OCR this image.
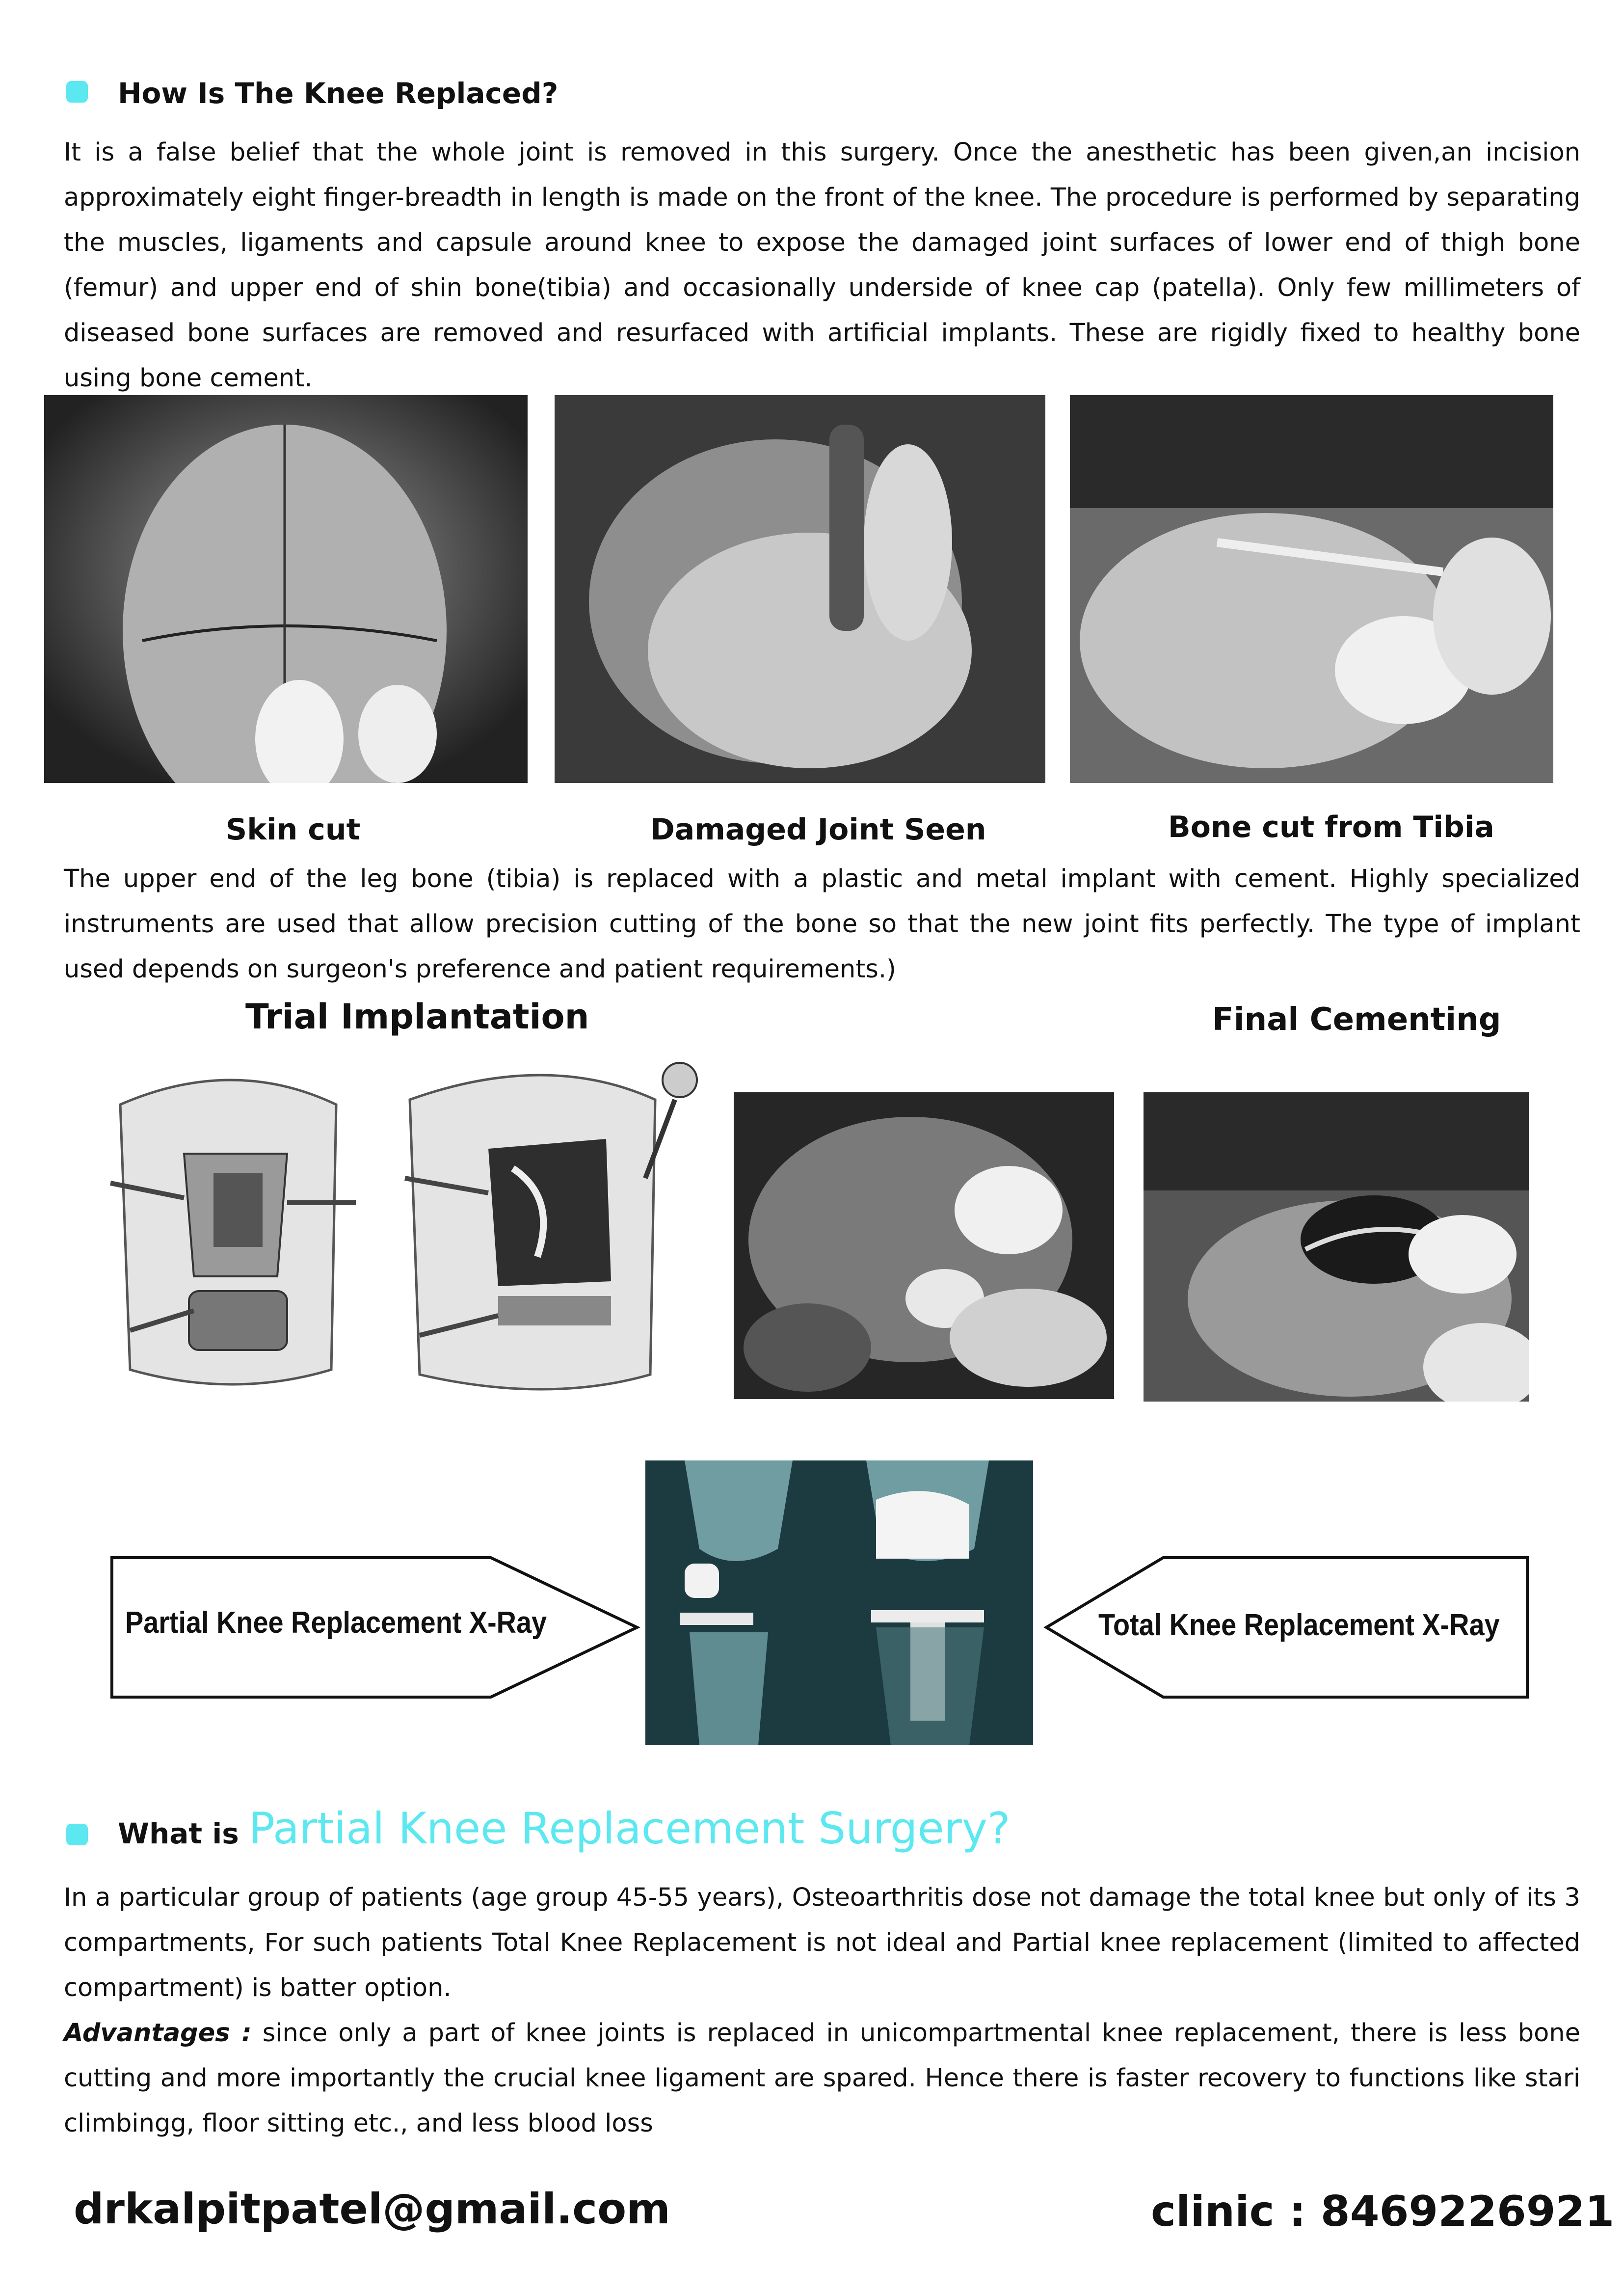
How Is The Knee Replaced?

It is a false belief that the whole joint is removed in this surgery. Once the anesthetic has been given,an incision approximately eight finger-breadth in length is made on the front of the knee. The procedure is performed by separating the muscles, ligaments and capsule around knee to expose the damaged joint surfaces of lower end of thigh bone (femur) and upper end of shin bone(tibia) and occasionally underside of knee cap (patella). Only few millimeters of diseased bone surfaces are removed and resurfaced with artificial implants. These are rigidly fixed to healthy bone using bone cement.

Skin cut	Damaged Joint Seen	Bone cut from Tibia

The upper end of the leg bone (tibia) is replaced with a plastic and metal implant with cement. Highly specialized instruments are used that allow precision cutting of the bone so that the new joint fits perfectly. The type of implant used depends on surgeon's preference and patient requirements.)

Trial Implantation	Final Cementing
Partial Knee Replacement X-Ray	Total Knee Replacement X-Ray
What is Partial Knee Replacement Surgery?

In a particular group of patients (age group 45-55 years), Osteoarthritis dose not damage the total knee but only of its 3 compartments, For such patients Total Knee Replacement is not ideal and Partial knee replacement (limited to affected compartment) is batter option.

Advantages : since only a part of knee joints is replaced in unicompartmental knee replacement, there is less bone cutting and more importantly the crucial knee ligament are spared. Hence there is faster recovery to functions like stari climbingg, floor sitting etc., and less blood loss

drkalpitpatel@gmail.com	clinic : 8469226921
